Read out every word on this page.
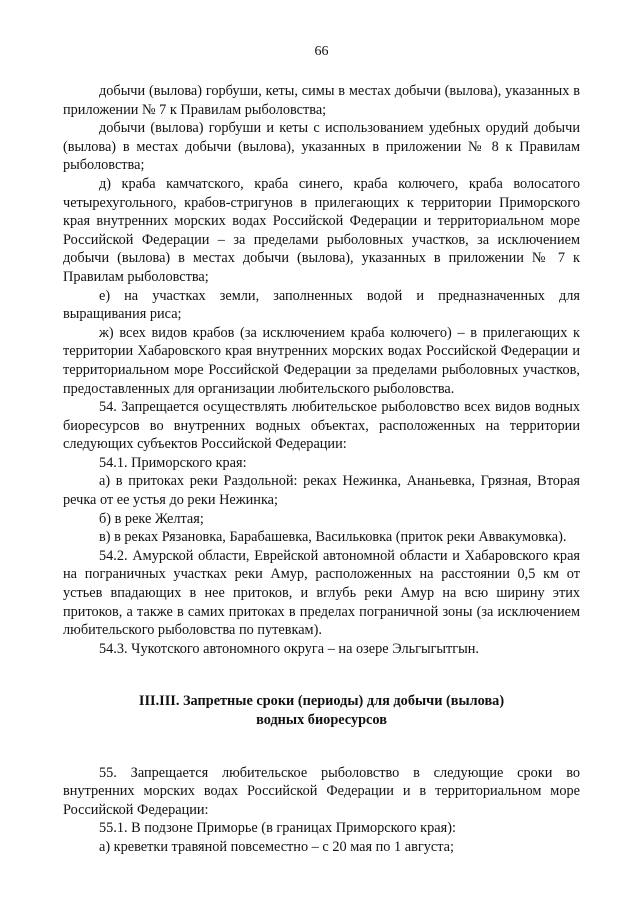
66

добычи (вылова) горбуши, кеты, симы в местах добычи (вылова), указанных в приложении № 7 к Правилам рыболовства;

добычи (вылова) горбуши и кеты с использованием удебных орудий добычи (вылова) в местах добычи (вылова), указанных в приложении № 8 к Правилам рыболовства;

д) краба камчатского, краба синего, краба колючего, краба волосатого четырехугольного, крабов-стригунов в прилегающих к территории Приморского края внутренних морских водах Российской Федерации и территориальном море Российской Федерации – за пределами рыболовных участков, за исключением добычи (вылова) в местах добычи (вылова), указанных в приложении № 7 к Правилам рыболовства;

е) на участках земли, заполненных водой и предназначенных для выращивания риса;

ж) всех видов крабов (за исключением краба колючего) – в прилегающих к территории Хабаровского края внутренних морских водах Российской Федерации и территориальном море Российской Федерации за пределами рыболовных участков, предоставленных для организации любительского рыболовства.

54. Запрещается осуществлять любительское рыболовство всех видов водных биоресурсов во внутренних водных объектах, расположенных на территории следующих субъектов Российской Федерации:

54.1. Приморского края:

а) в притоках реки Раздольной: реках Нежинка, Ананьевка, Грязная, Вторая речка от ее устья до реки Нежинка;

б) в реке Желтая;

в) в реках Рязановка, Барабашевка, Васильковка (приток реки Аввакумовка).

54.2. Амурской области, Еврейской автономной области и Хабаровского края на пограничных участках реки Амур, расположенных на расстоянии 0,5 км от устьев впадающих в нее притоков, и вглубь реки Амур на всю ширину этих притоков, а также в самих притоках в пределах пограничной зоны (за исключением любительского рыболовства по путевкам).

54.3. Чукотского автономного округа – на озере Эльгыгытгын.

III.III. Запретные сроки (периоды) для добычи (вылова)
водных биоресурсов

55. Запрещается любительское рыболовство в следующие сроки во внутренних морских водах Российской Федерации и в территориальном море Российской Федерации:

55.1. В подзоне Приморье (в границах Приморского края):

а) креветки травяной повсеместно – с 20 мая по 1 августа;
